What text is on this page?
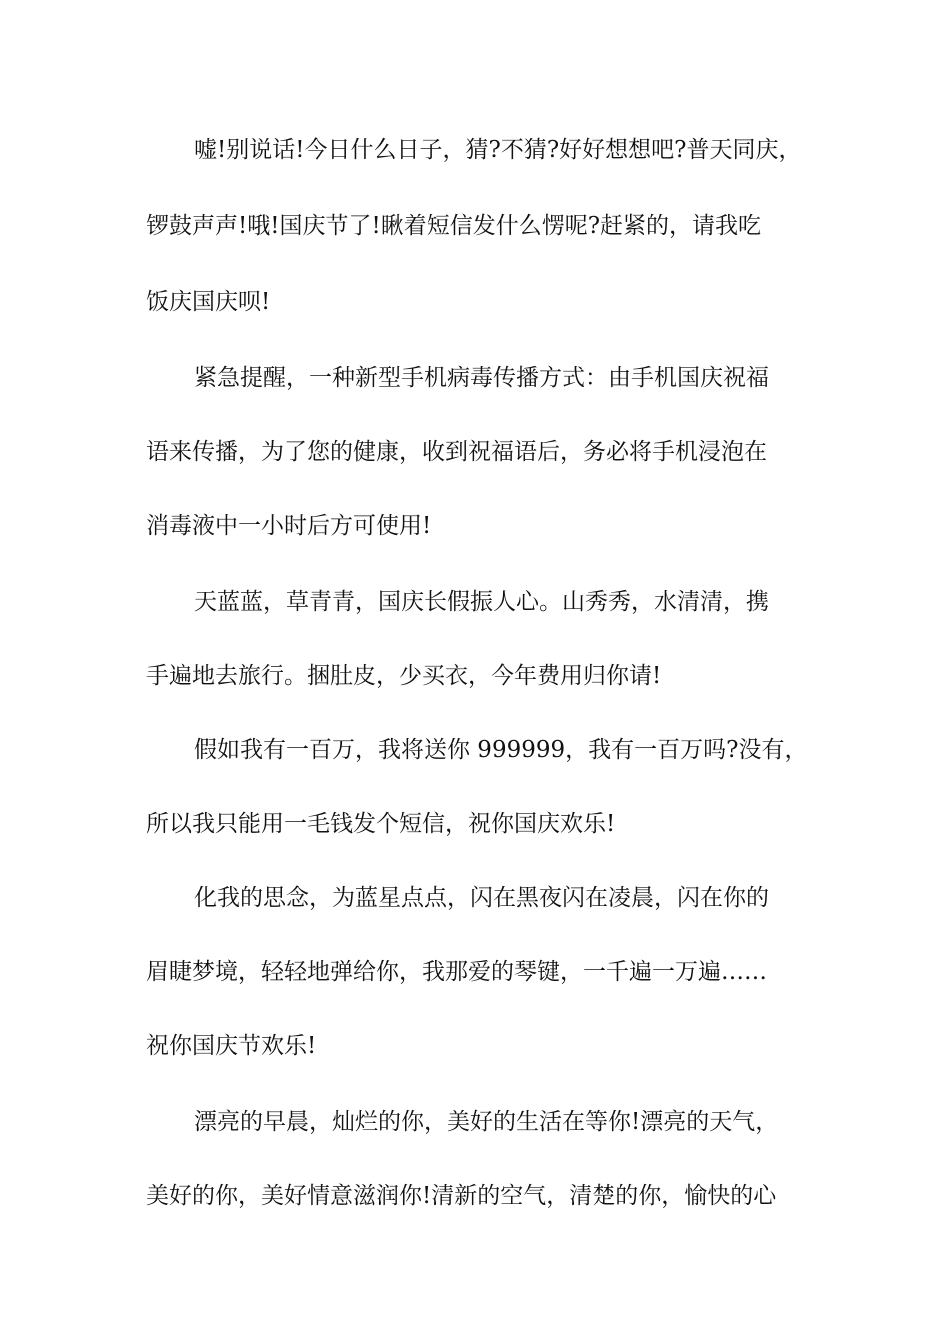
嘘!别说话!今日什么日子，猜?不猜?好好想想吧?普天同庆，
锣鼓声声!哦!国庆节了!瞅着短信发什么愣呢?赶紧的，请我吃
饭庆国庆呗!
紧急提醒，一种新型手机病毒传播方式：由手机国庆祝福
语来传播，为了您的健康，收到祝福语后，务必将手机浸泡在
消毒液中一小时后方可使用!
天蓝蓝，草青青，国庆长假振人心。山秀秀，水清清，携
手遍地去旅行。捆肚皮，少买衣，今年费用归你请!
假如我有一百万，我将送你 999999，我有一百万吗?没有，
所以我只能用一毛钱发个短信，祝你国庆欢乐!
化我的思念，为蓝星点点，闪在黑夜闪在凌晨，闪在你的
眉睫梦境，轻轻地弹给你，我那爱的琴键，一千遍一万遍……
祝你国庆节欢乐!
漂亮的早晨，灿烂的你，美好的生活在等你!漂亮的天气，
美好的你，美好情意滋润你!清新的空气，清楚的你，愉快的心
